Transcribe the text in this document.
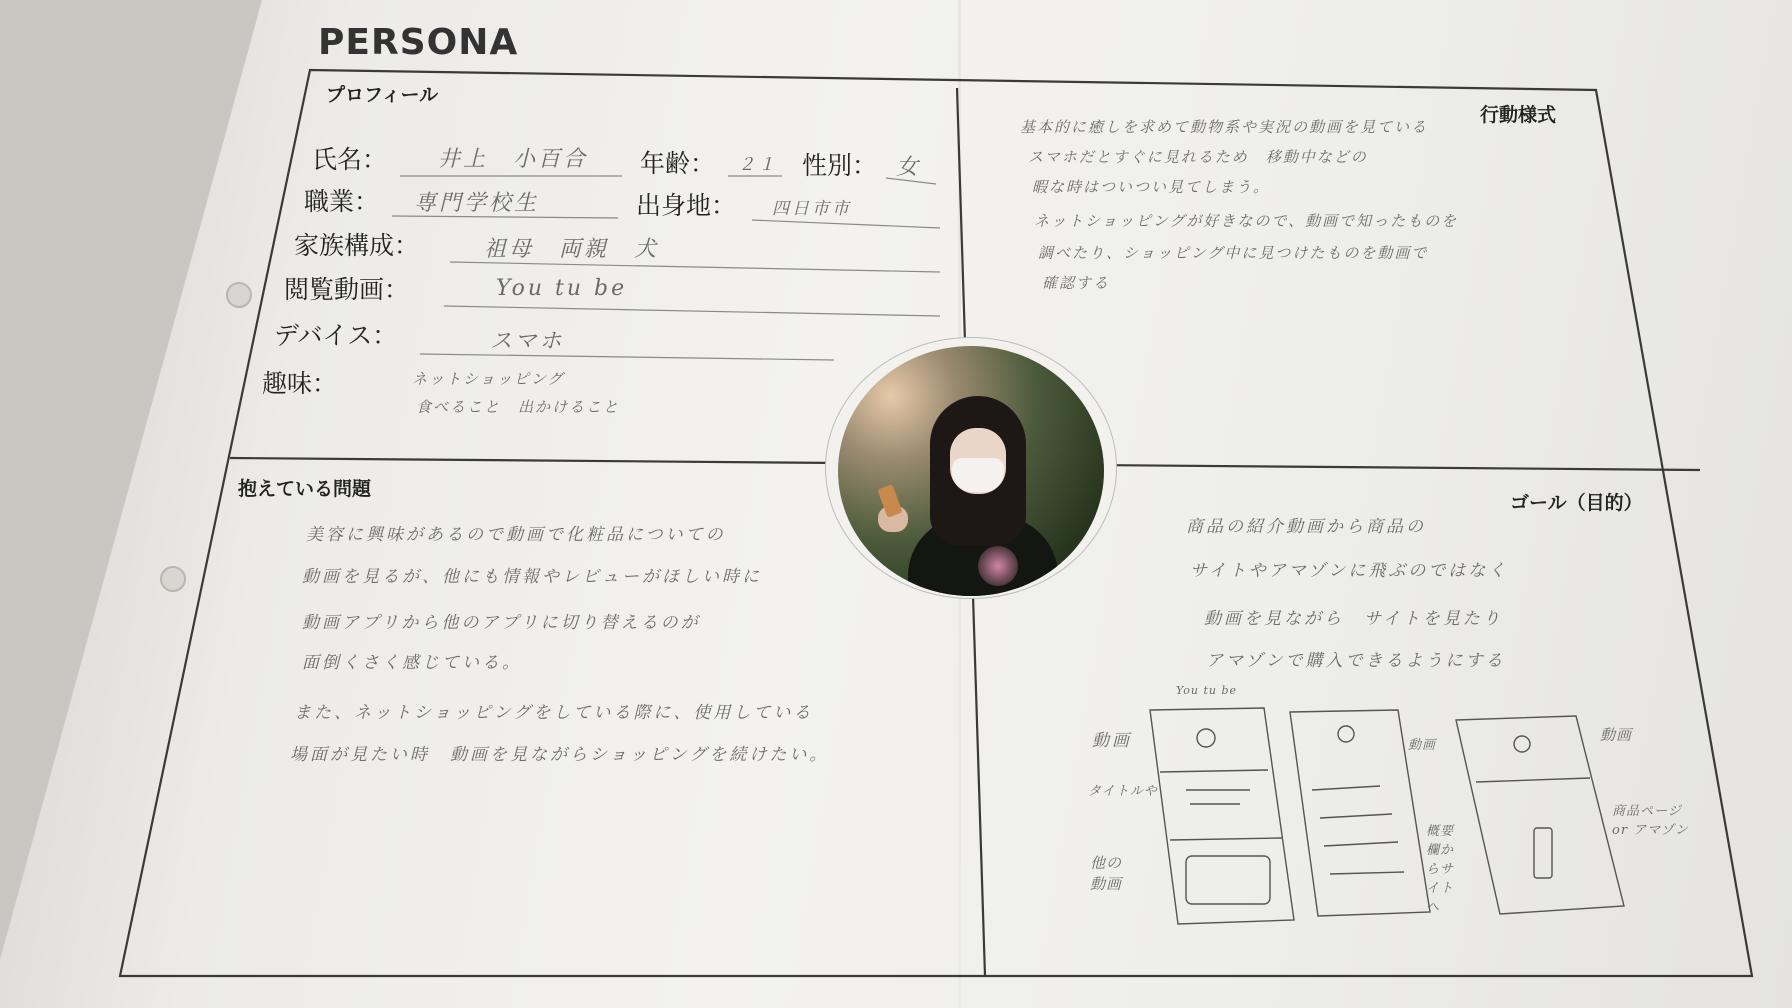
PERSONA
プロフィール
氏名： 井上　小百合 年齢： ２１ 性別： 女
職業： 専門学校生	出身地： 四日市市
家族構成：	祖母　両親　犬
閲覧動画：	You tu be
デバイス：	スマホ
趣味：	ネットショッピング
食べること　出かけること
行動様式
基本的に癒しを求めて動物系や実況の動画を見ている
スマホだとすぐに見れるため　移動中などの
暇な時はついつい見てしまう。
ネットショッピングが好きなので、動画で知ったものを
調べたり、ショッピング中に見つけたものを動画で
確認する
抱えている問題
美容に興味があるので動画で化粧品についての
動画を見るが、他にも情報やレビューがほしい時に
動画アプリから他のアプリに切り替えるのが
面倒くさく感じている。
また、ネットショッピングをしている際に、使用している
場面が見たい時　動画を見ながらショッピングを続けたい。
ゴール（目的）
商品の紹介動画から商品の
サイトやアマゾンに飛ぶのではなく
動画を見ながら　サイトを見たり
アマゾンで購入できるようにする
You tu be
動画
タイトルや
他の動画
動画
概要欄からサイトへ
動画
商品ページ or アマゾン
